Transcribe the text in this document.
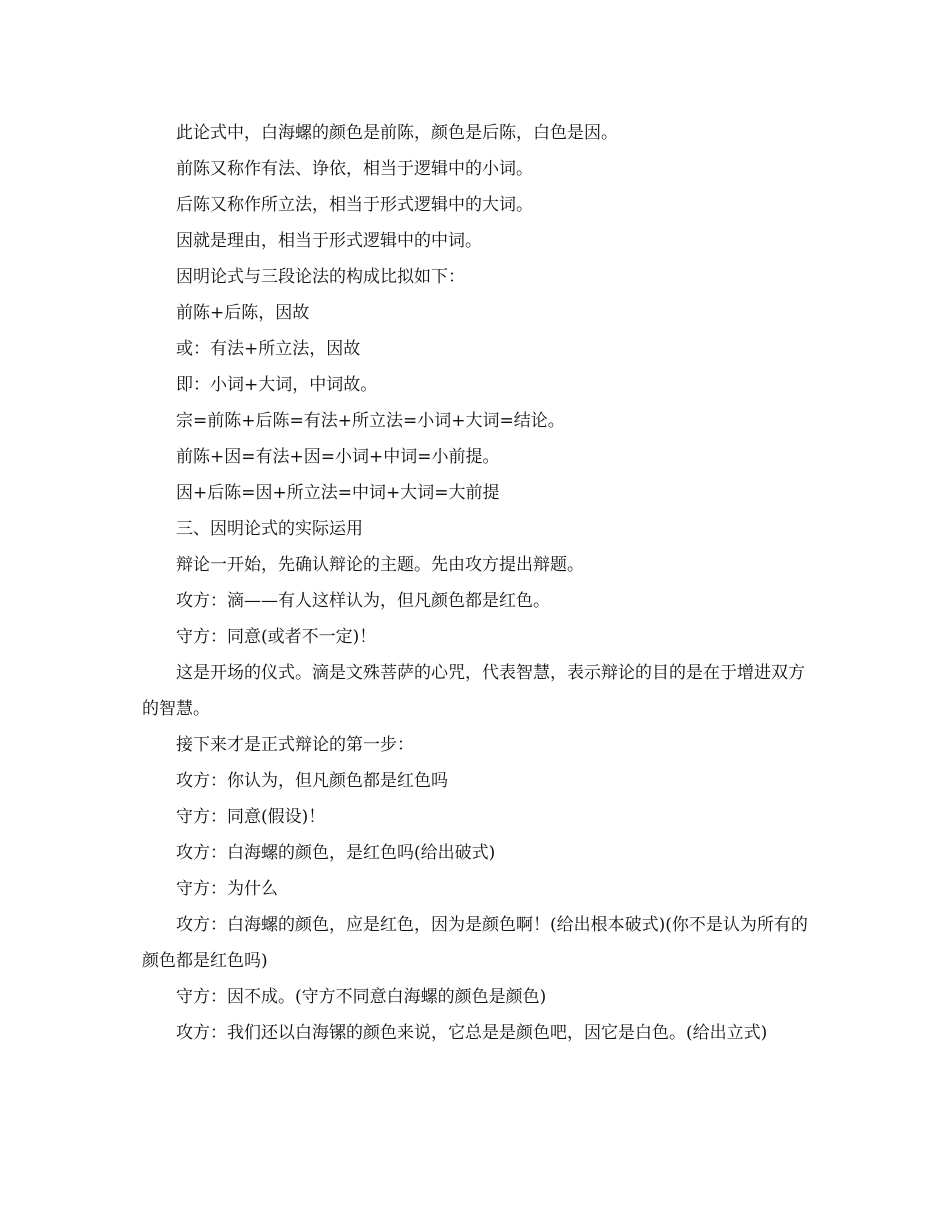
此论式中，白海螺的颜色是前陈，颜色是后陈，白色是因。

前陈又称作有法、诤依，相当于逻辑中的小词。

后陈又称作所立法，相当于形式逻辑中的大词。

因就是理由，相当于形式逻辑中的中词。

因明论式与三段论法的构成比拟如下：

前陈+后陈，因故

或：有法+所立法，因故

即：小词+大词，中词故。

宗=前陈+后陈=有法+所立法=小词+大词=结论。

前陈+因=有法+因=小词+中词=小前提。

因+后陈=因+所立法=中词+大词=大前提

三、因明论式的实际运用

辩论一开始，先确认辩论的主题。先由攻方提出辩题。

攻方：滴——有人这样认为，但凡颜色都是红色。

守方：同意(或者不一定)！

这是开场的仪式。滴是文殊菩萨的心咒，代表智慧，表示辩论的目的是在于增进双方的智慧。

接下来才是正式辩论的第一步：

攻方：你认为，但凡颜色都是红色吗

守方：同意(假设)！

攻方：白海螺的颜色，是红色吗(给出破式)

守方：为什么

攻方：白海螺的颜色，应是红色，因为是颜色啊！(给出根本破式)(你不是认为所有的颜色都是红色吗)

守方：因不成。(守方不同意白海螺的颜色是颜色)

攻方：我们还以白海镙的颜色来说，它总是是颜色吧，因它是白色。(给出立式)
